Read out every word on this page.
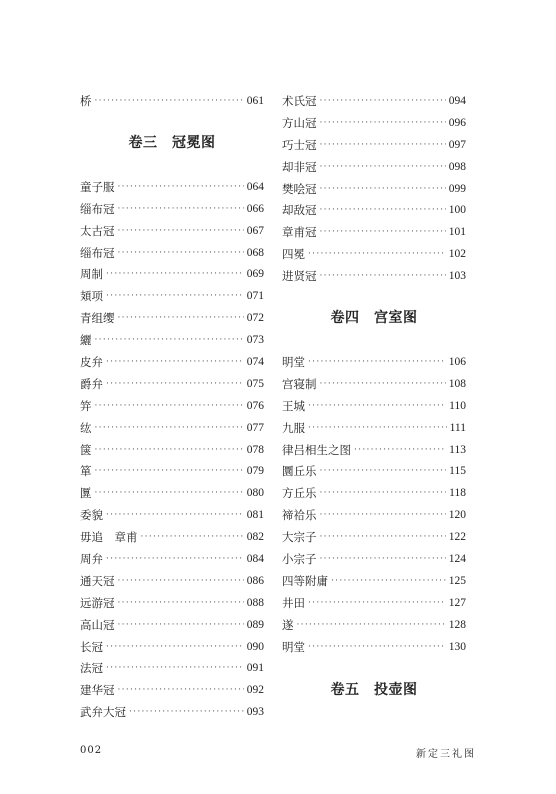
桥 ·····	061
卷三　冠冕图
童子服 ·····	064
缁布冠 ·····	066
太古冠 ·····	067
缁布冠 ·····	068
周制 ·····	069
頍项 ·····	071
青组缨 ·····	072
纚 ·····	073
皮弁 ·····	074
爵弁 ·····	075
笄 ·····	076
纮 ·····	077
箧 ·····	078
箪 ·····	079
匴 ·····	080
委貌 ·····	081
毋追　章甫 ·····	082
周弁 ·····	084
通天冠 ·····	086
远游冠 ·····	088
高山冠 ·····	089
长冠 ·····	090
法冠 ·····	091
建华冠 ·····	092
武弁大冠 ·····	093
术氏冠 ·····	094
方山冠 ·····	096
巧士冠 ·····	097
却非冠 ·····	098
樊哙冠 ·····	099
却敌冠 ·····	100
章甫冠 ·····	101
四冕 ·····	102
进贤冠 ·····	103
卷四　宫室图
明堂 ·····	106
宫寝制 ·····	108
王城 ·····	110
九服 ·····	111
律吕相生之图 ·····	113
圜丘乐 ·····	115
方丘乐 ·····	118
禘祫乐 ·····	120
大宗子 ·····	122
小宗子 ·····	124
四等附庸 ·····	125
井田 ·····	127
遂 ·····	128
明堂 ·····	130
卷五　投壶图
002	新定三礼图
